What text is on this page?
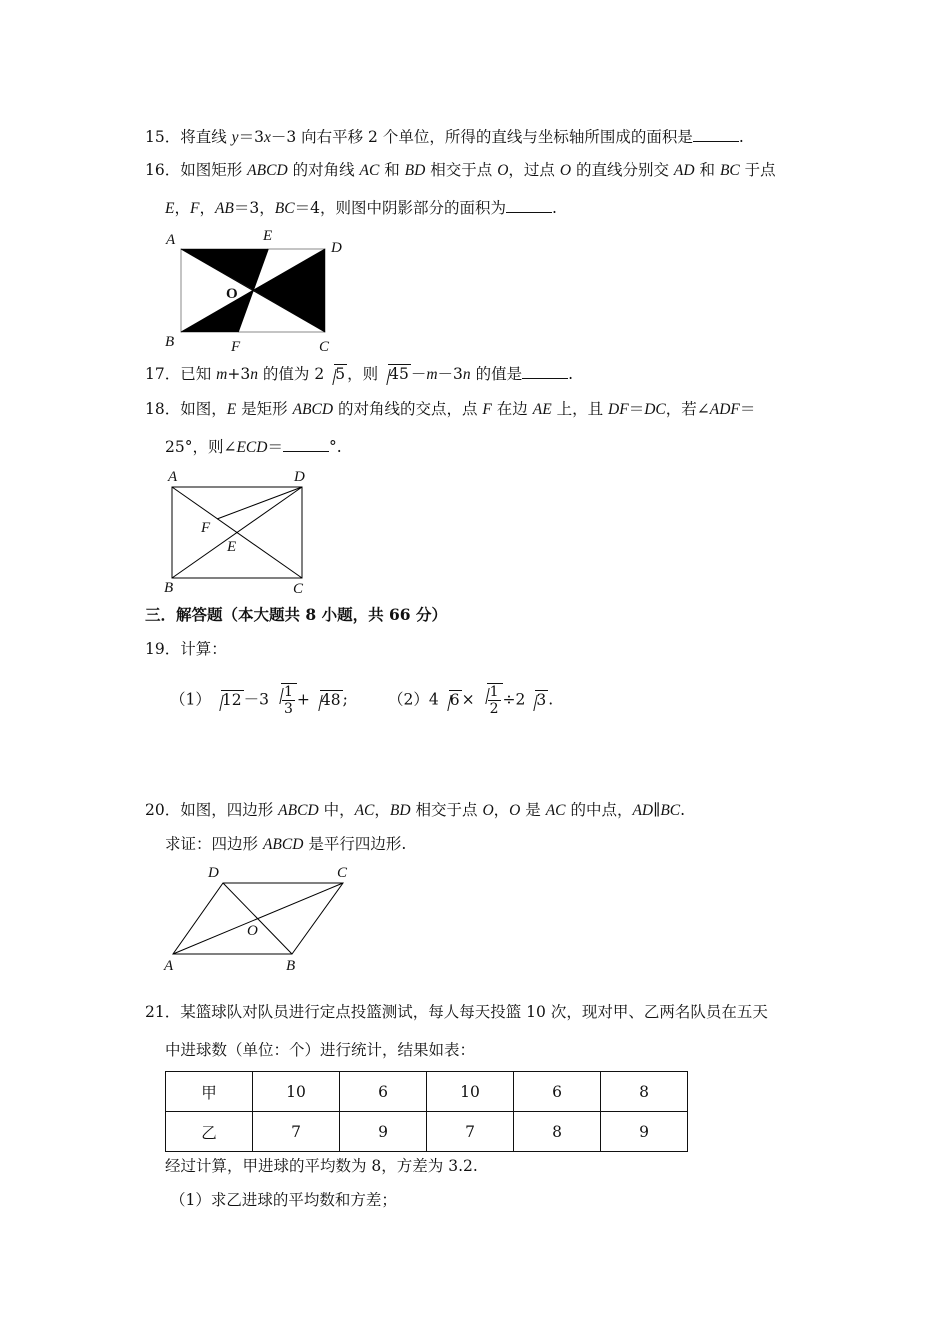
15．将直线 y＝3x－3 向右平移 2 个单位，所得的直线与坐标轴所围成的面积是	.
16．如图矩形 ABCD 的对角线 AC 和 BD 相交于点 O，过点 O 的直线分别交 AD 和 BC 于点
E，F，AB＝3，BC＝4，则图中阴影部分的面积为	.
A	E
D
O
B	F	C
17．已知 m+3n 的值为 2 5 ，则 45 －m－3n 的值是	.
18．如图，E 是矩形 ABCD 的对角线的交点，点 F 在边 AE 上，且 DF＝DC，若∠ADF＝
25°，则∠ECD＝	°.
A	D
F
E
B	C
三．解答题（本大题共 8 小题，共 66 分）
19．计算：
（1） $12 -3 \frac{1}{3} + 48$ ;	（2）4 $6 \times \frac{1}{2} \div 2$ 3 .
20．如图，四边形 ABCD 中，AC，BD 相交于点 O，O 是 AC 的中点，AD∥BC.
求证：四边形 ABCD 是平行四边形.
D	C
O
A	B
21．某篮球队对队员进行定点投篮测试，每人每天投篮 10 次，现对甲、乙两名队员在五天
中进球数（单位：个）进行统计，结果如表：
甲	10	6	10	6	8
乙	7	9	7	8	9
经过计算，甲进球的平均数为 8，方差为 3.2.
（1）求乙进球的平均数和方差；
